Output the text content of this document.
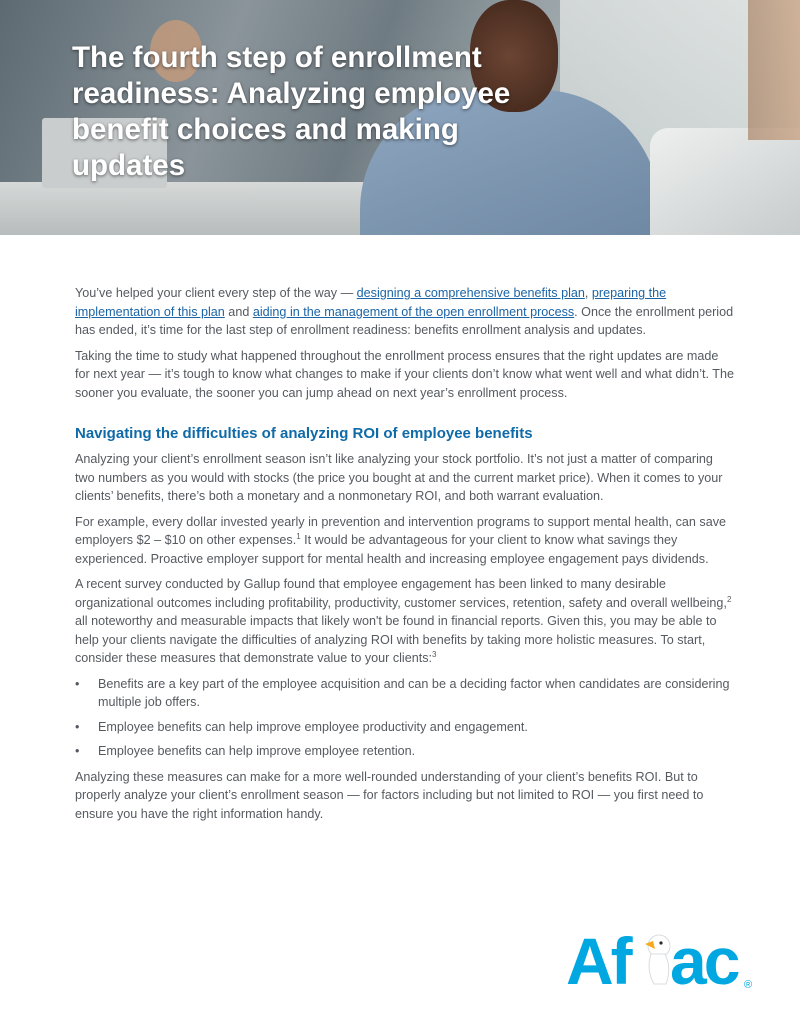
The fourth step of enrollment readiness: Analyzing employee benefit choices and making updates

You’ve helped your client every step of the way — designing a comprehensive benefits plan, preparing the implementation of this plan and aiding in the management of the open enrollment process. Once the enrollment period has ended, it’s time for the last step of enrollment readiness: benefits enrollment analysis and updates.

Taking the time to study what happened throughout the enrollment process ensures that the right updates are made for next year — it’s tough to know what changes to make if your clients don’t know what went well and what didn’t. The sooner you evaluate, the sooner you can jump ahead on next year’s enrollment process.

Navigating the difficulties of analyzing ROI of employee benefits

Analyzing your client’s enrollment season isn’t like analyzing your stock portfolio. It’s not just a matter of comparing two numbers as you would with stocks (the price you bought at and the current market price). When it comes to your clients’ benefits, there’s both a monetary and a nonmonetary ROI, and both warrant evaluation.

For example, every dollar invested yearly in prevention and intervention programs to support mental health, can save employers $2 – $10 on other expenses.$^1$ It would be advantageous for your client to know what savings they experienced. Proactive employer support for mental health and increasing employee engagement pays dividends.

A recent survey conducted by Gallup found that employee engagement has been linked to many desirable organizational outcomes including profitability, productivity, customer services, retention, safety and overall wellbeing,$^2$ all noteworthy and measurable impacts that likely won't be found in financial reports. Given this, you may be able to help your clients navigate the difficulties of analyzing ROI with benefits by taking more holistic measures. To start, consider these measures that demonstrate value to your clients:$^3$

• Benefits are a key part of the employee acquisition and can be a deciding factor when candidates are considering multiple job offers.
• Employee benefits can help improve employee productivity and engagement.
• Employee benefits can help improve employee retention.

Analyzing these measures can make for a more well-rounded understanding of your client’s benefits ROI. But to properly analyze your client’s enrollment season — for factors including but not limited to ROI — you first need to ensure you have the right information handy.

Af ac ®
